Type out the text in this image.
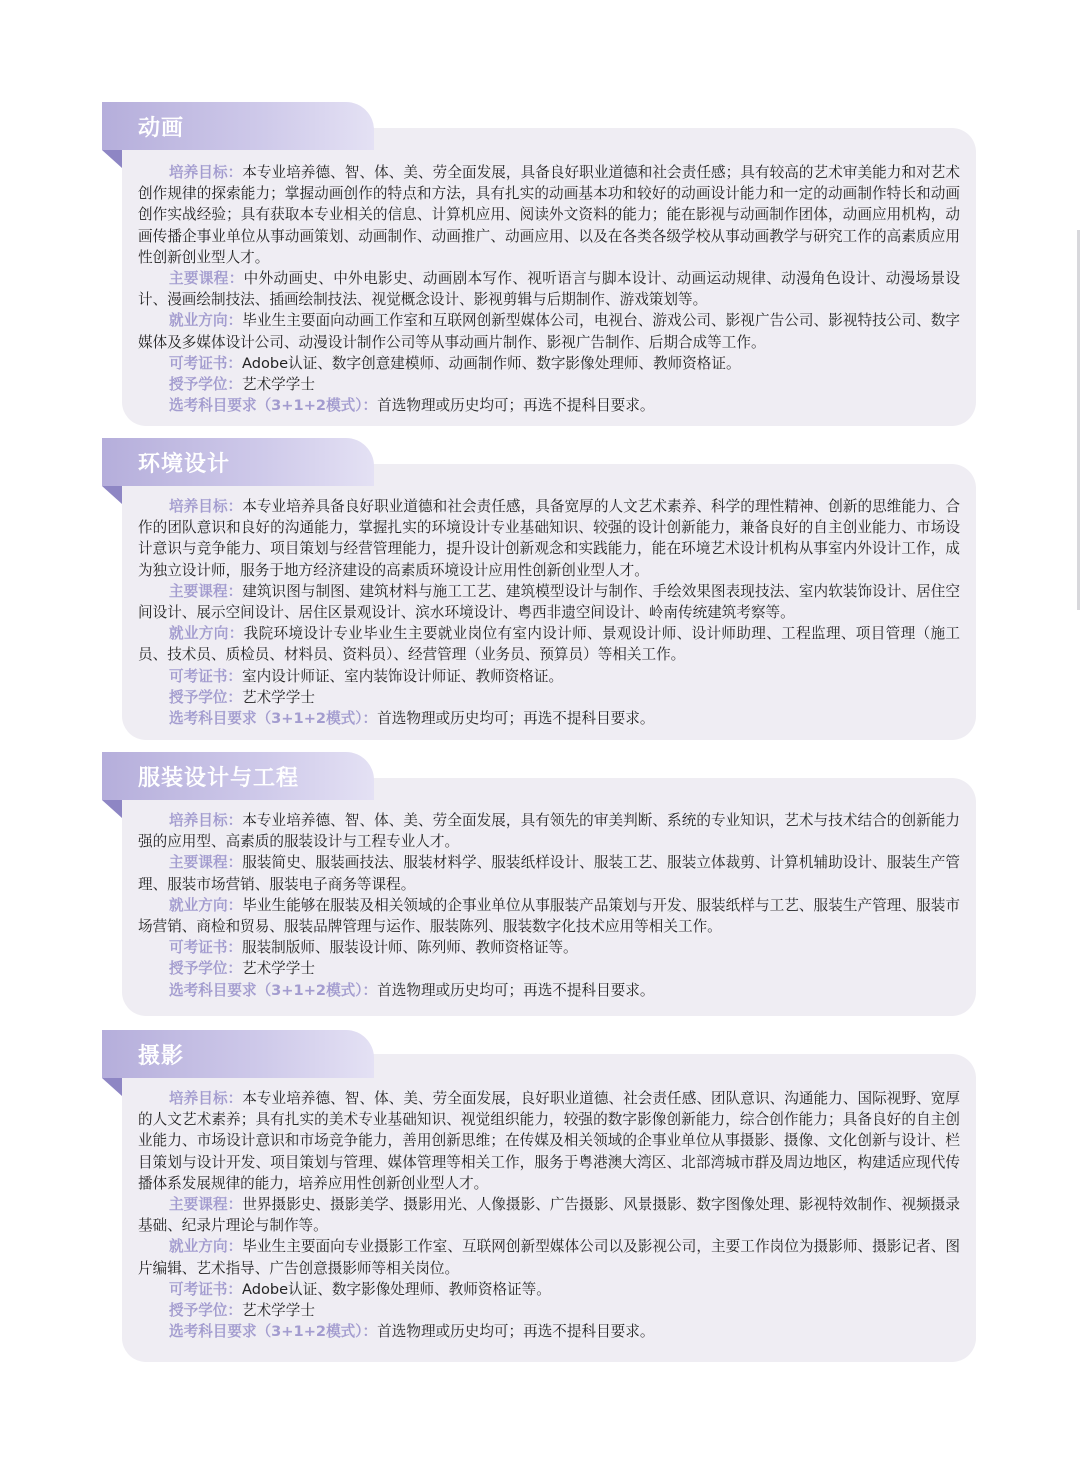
培养目标：本专业培养德、智、体、美、劳全面发展，具备良好职业道德和社会责任感；具有较高的艺术审美能力和对艺术创作规律的探索能力；掌握动画创作的特点和方法，具有扎实的动画基本功和较好的动画设计能力和一定的动画制作特长和动画创作实战经验；具有获取本专业相关的信息、计算机应用、阅读外文资料的能力；能在影视与动画制作团体，动画应用机构，动画传播企事业单位从事动画策划、动画制作、动画推广、动画应用、以及在各类各级学校从事动画教学与研究工作的高素质应用性创新创业型人才。

主要课程：中外动画史、中外电影史、动画剧本写作、视听语言与脚本设计、动画运动规律、动漫角色设计、动漫场景设计、漫画绘制技法、插画绘制技法、视觉概念设计、影视剪辑与后期制作、游戏策划等。

就业方向：毕业生主要面向动画工作室和互联网创新型媒体公司，电视台、游戏公司、影视广告公司、影视特技公司、数字媒体及多媒体设计公司、动漫设计制作公司等从事动画片制作、影视广告制作、后期合成等工作。

可考证书：Adobe认证、数字创意建模师、动画制作师、数字影像处理师、教师资格证。

授予学位：艺术学学士

选考科目要求（3+1+2模式）：首选物理或历史均可；再选不提科目要求。

动画

培养目标：本专业培养具备良好职业道德和社会责任感，具备宽厚的人文艺术素养、科学的理性精神、创新的思维能力、合作的团队意识和良好的沟通能力，掌握扎实的环境设计专业基础知识、较强的设计创新能力，兼备良好的自主创业能力、市场设计意识与竞争能力、项目策划与经营管理能力，提升设计创新观念和实践能力，能在环境艺术设计机构从事室内外设计工作，成为独立设计师，服务于地方经济建设的高素质环境设计应用性创新创业型人才。

主要课程：建筑识图与制图、建筑材料与施工工艺、建筑模型设计与制作、手绘效果图表现技法、室内软装饰设计、居住空间设计、展示空间设计、居住区景观设计、滨水环境设计、粤西非遗空间设计、岭南传统建筑考察等。

就业方向：我院环境设计专业毕业生主要就业岗位有室内设计师、景观设计师、设计师助理、工程监理、项目管理（施工员、技术员、质检员、材料员、资料员）、经营管理（业务员、预算员）等相关工作。

可考证书：室内设计师证、室内装饰设计师证、教师资格证。

授予学位：艺术学学士

选考科目要求（3+1+2模式）：首选物理或历史均可；再选不提科目要求。

环境设计

培养目标：本专业培养德、智、体、美、劳全面发展，具有领先的审美判断、系统的专业知识，艺术与技术结合的创新能力强的应用型、高素质的服装设计与工程专业人才。

主要课程：服装简史、服装画技法、服装材料学、服装纸样设计、服装工艺、服装立体裁剪、计算机辅助设计、服装生产管理、服装市场营销、服装电子商务等课程。

就业方向：毕业生能够在服装及相关领域的企事业单位从事服装产品策划与开发、服装纸样与工艺、服装生产管理、服装市场营销、商检和贸易、服装品牌管理与运作、服装陈列、服装数字化技术应用等相关工作。

可考证书：服装制版师、服装设计师、陈列师、教师资格证等。

授予学位：艺术学学士

选考科目要求（3+1+2模式）：首选物理或历史均可；再选不提科目要求。

服装设计与工程

培养目标：本专业培养德、智、体、美、劳全面发展，良好职业道德、社会责任感、团队意识、沟通能力、国际视野、宽厚的人文艺术素养；具有扎实的美术专业基础知识、视觉组织能力，较强的数字影像创新能力，综合创作能力；具备良好的自主创业能力、市场设计意识和市场竞争能力，善用创新思维；在传媒及相关领域的企事业单位从事摄影、摄像、文化创新与设计、栏目策划与设计开发、项目策划与管理、媒体管理等相关工作，服务于粤港澳大湾区、北部湾城市群及周边地区，构建适应现代传播体系发展规律的能力，培养应用性创新创业型人才。

主要课程：世界摄影史、摄影美学、摄影用光、人像摄影、广告摄影、风景摄影、数字图像处理、影视特效制作、视频摄录基础、纪录片理论与制作等。

就业方向：毕业生主要面向专业摄影工作室、互联网创新型媒体公司以及影视公司，主要工作岗位为摄影师、摄影记者、图片编辑、艺术指导、广告创意摄影师等相关岗位。

可考证书：Adobe认证、数字影像处理师、教师资格证等。

授予学位：艺术学学士

选考科目要求（3+1+2模式）：首选物理或历史均可；再选不提科目要求。

摄影
